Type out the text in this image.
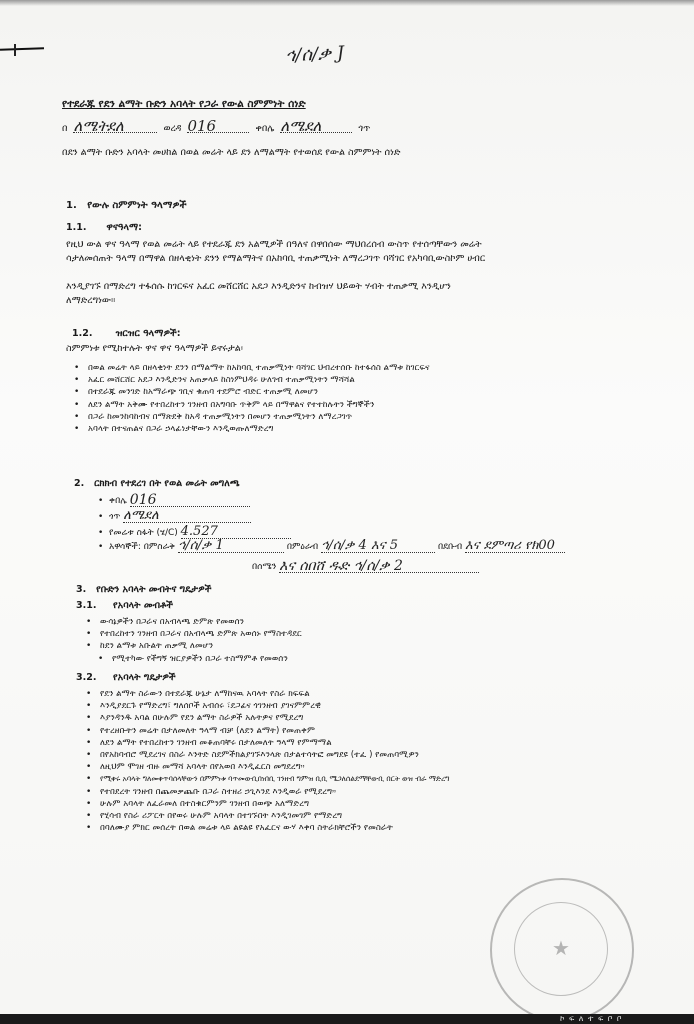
ኅ/ሰ/ቃ J
የተደራጁ የደን ልማት ቡድን አባላት የጋራ የውል ስምምነት ሰነድ
በ ለሜትደለ	ወረዳ 016	ቀበሌ ለሜደለ	ጎጥ
በደን ልማት ቡድን አባላት መሀከል በወል መሬት ላይ ደን ለማልማት የተወሰደ የውል ስምምነት ሰነድ
1. የውሉ ስምምነት ዓላማዎች
1.1. ዋናዓላማ:
የዚህ ውል ዋና ዓላማ የወል መሬት ላይ የተደራጁ ደን አልሚዎች በዓለና በዋበሰው ማህበረሰብ ውስጥ የተሰጣቸውን መሬት
ሳታለመሰጠት ዓላማ በማዋል በዘላቂነት ደንን የማልማትና በአከባቢ ተጠቃሚነት ለማረጋገጥ ባሻገር የአካባቢውስኮም ሀብር
እንዲያገኙ በማድረግ ተፋሰሱ ከገርፍና አፈር መሸርሸር አደጋ እንዲድንና ከብዝሃ ህይወት ሃብት ተጠቃሚ እንዲሆን
ለማድረግነው።
1.2. ዝርዝር ዓላማዎች:
ስምምነቱ የሚከተሉት ዋና ዋና ዓላማዎች ይኖሩታል፡
• በወል መሬት ላይ በዘላቂነት ደንን በማልማት ከአከባቢ ተጠቃሚነት ባሻገር ህብረተሰቡ ከተፋሰስ ልማቱ ከገርፍና
• አፈር መሸርሸር አደጋ እንዲድንና አጠቃላይ ከስነምህዳሩ ሁለገብ ተጠቃሚነትን ማሻሻል
• በተደራጁ መንገድ ከአማራጭ ገቢና ቁጠባ ተደምሮ ብድር ተጠቃሚ ለመሆን
• ለደን ልማት አቅሙ የተበረከተን ገንዘብ በአግባቡ ጥቅም ላይ በማዋልና የተተከሉትን ችግኞችን
• በጋራ ከመንከባከብና በማጽደቅ ከአዳ ተጠቃሚነትን በመሆን ተጠቃሚነትን ለማረጋገጥ
• አባላት በተናጠልና በጋራ ኃላፊነታቸውን እንዲወጡለማድረግ
2. ርክክብ የተደረገ በት የወል መሬት መግለጫ
•  ቀበሌ 016
•  ጎጥ ለሜደለ
•  የመሬቱ ስፋት (ሄ/C) 4.527
•  አዋሳኞች: በምስራቅ ኅ/ሰ/ቃ 1	በምዕራብ ኅ/ሰ/ቃ 4 እና 5	በደቡብ እና ደምጣሪ የክ00
በሰሜን እና ሰበሸ ዱድ ኅ/ሰ/ቃ 2
3. የቡድን አባላት መብትና ግዴታዎች
3.1. የአባላት መብቶች
• ውሳኔዎችን በጋራና በአብላጫ ድምጽ የመወሰን
• የተበረከተን ገንዘብ በጋራና በአብላጫ ድምጽ አወሰኑ የማስተዳደር
• ከደን ልማቱ አቡልት ጠቃሚ ለመሆን
• የሚተካው የችግኝ ዝርያዎችን በጋራ ተስማምቶ የመወሰን
3.2. የአባላት ግዴታዎች
• የደን ልማት ስራውን በተደራጁ ሁኔታ ለማከናዉ አባላት የስራ ክፍፍል
• እንዲያደርጉ የማድረግ፣ ግለሰቦች አብሰሩ ፣ደጋፊና ጎገንዘብ ያገናምምረዊ
• እያንዳንዱ አባል በሁሉም የደን ልማት ስራዎች አሉትዎና የሚደረግ
• የተረዘቡትን መሬት በታለመለት ዓላማ ብቻ (ለደን ልማት) የመጠቀም
• ለደን ልማት የተበረከተን ገንዘብ መቆጠባቸሩ በታለመለት ዓላማ የምማማል
• በየአከባብሮ ሚደረገና በስራ እንትድ ስደምችክልያገኙእንላጽ በታልተሳትፎ መግደዩ (ተፈ ) የመጠባሚዎን
• ለዚህም ሞገዘ ብዙ መማሻ አባላት በየአወበ እንዲፈርስ መግደረግ።
• የሚቀሩ አባላት ግለመቀጥባሰላቸውን በምምነቱ ባጥመውቢበነበቢ ገንዘብ ግምዝ ቢቢ ሜጋለሰልደማቸውቢ በርት ወዝ ብራ ማድረግ
• የተበደረት ገንዘብ በጨመቃጨቡ በጋራ ስተዘሪ ኃጊእንደ እንዲወራ የሚደረግ።
• ሁሉም አባላት ለፈራመለ በተስቁርምንም ገንዘብ በወጭ አለማድረግ
• የሂሳብ የስራ ሪፖርት በየወሩ ሁሉም አባላት በተገኙበት እንዲገመገም የማድረግ
• በባለሙያ ምክር መሰረት በወል መሬቱ ላይ ልዩልዩ የአፈርና ውሃ እቀባ ስትራክቸሮችን የመስራት
★
ኮ ፍ ለ ተ ፍ ቦ ቦ
